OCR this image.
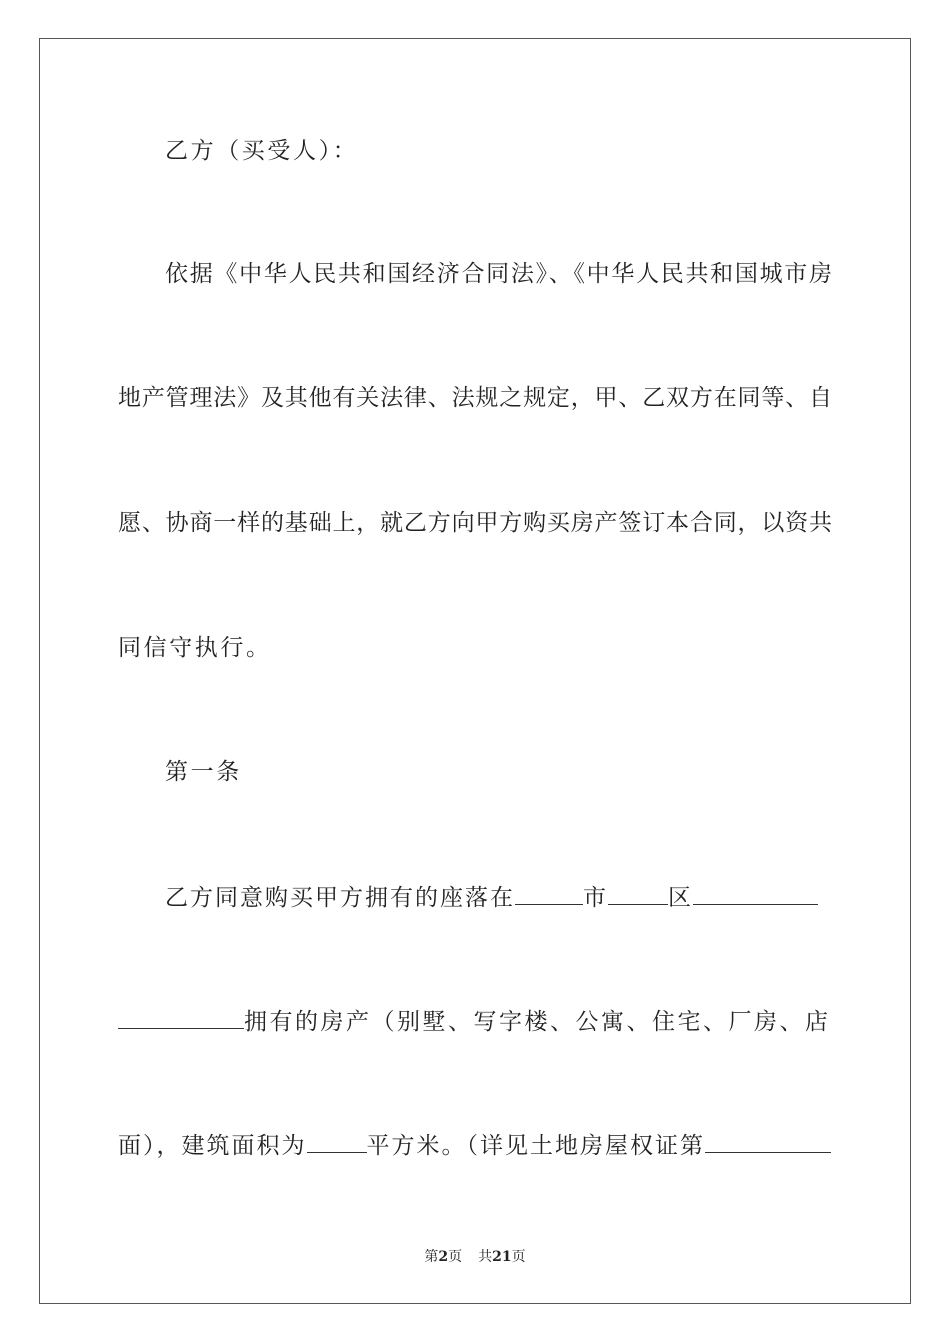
乙方（买受人）：
依据《中华人民共和国经济合同法》、《中华人民共和国城市房
地产管理法》及其他有关法律、法规之规定，甲、乙双方在同等、自
愿、协商一样的基础上，就乙方向甲方购买房产签订本合同，以资共
同信守执行。
第一条
乙方同意购买甲方拥有的座落在	市	区
拥有的房产（别墅、写字楼、公寓、住宅、厂房、店
面），建筑面积为	平方米。（详见土地房屋权证第
第2页 共21页
